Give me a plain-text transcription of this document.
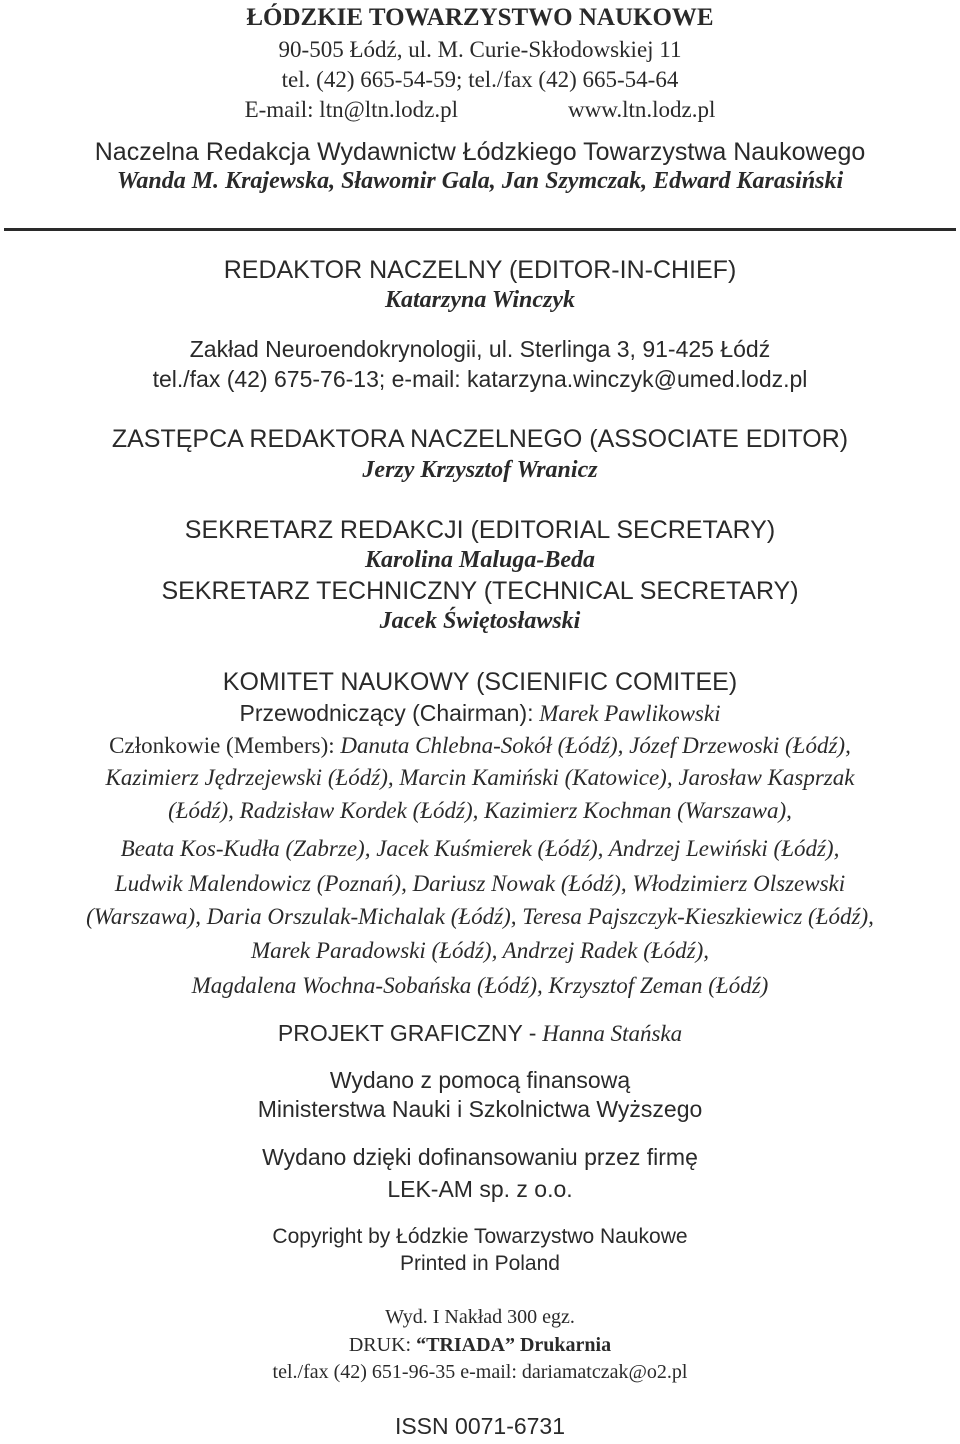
ŁÓDZKIE TOWARZYSTWO NAUKOWE
90-505 Łódź, ul. M. Curie-Skłodowskiej 11
tel. (42) 665-54-59; tel./fax (42) 665-54-64
E-mail: ltn@ltn.lodz.pl	www.ltn.lodz.pl
Naczelna Redakcja Wydawnictw Łódzkiego Towarzystwa Naukowego
Wanda M. Krajewska, Sławomir Gala, Jan Szymczak, Edward Karasiński
REDAKTOR NACZELNY (EDITOR-IN-CHIEF)
Katarzyna Winczyk
Zakład Neuroendokrynologii, ul. Sterlinga 3, 91-425 Łódź
tel./fax (42) 675-76-13; e-mail: katarzyna.winczyk@umed.lodz.pl
ZASTĘPCA REDAKTORA NACZELNEGO (ASSOCIATE EDITOR)
Jerzy Krzysztof Wranicz
SEKRETARZ REDAKCJI (EDITORIAL SECRETARY)
Karolina Maluga-Beda
SEKRETARZ TECHNICZNY (TECHNICAL SECRETARY)
Jacek Świętosławski
KOMITET NAUKOWY (SCIENIFIC COMITEE)
Przewodniczący (Chairman): Marek Pawlikowski
Członkowie (Members): Danuta Chlebna-Sokół (Łódź), Józef Drzewoski (Łódź),
Kazimierz Jędrzejewski (Łódź), Marcin Kamiński (Katowice), Jarosław Kasprzak
(Łódź), Radzisław Kordek (Łódź), Kazimierz Kochman (Warszawa),
Beata Kos-Kudła (Zabrze), Jacek Kuśmierek (Łódź), Andrzej Lewiński (Łódź),
Ludwik Malendowicz (Poznań), Dariusz Nowak (Łódź), Włodzimierz Olszewski
(Warszawa), Daria Orszulak-Michalak (Łódź), Teresa Pajszczyk-Kieszkiewicz (Łódź),
Marek Paradowski (Łódź), Andrzej Radek (Łódź),
Magdalena Wochna-Sobańska (Łódź), Krzysztof Zeman (Łódź)
PROJEKT GRAFICZNY - Hanna Stańska
Wydano z pomocą finansową
Ministerstwa Nauki i Szkolnictwa Wyższego
Wydano dzięki dofinansowaniu przez firmę
LEK-AM sp. z o.o.
Copyright by Łódzkie Towarzystwo Naukowe
Printed in Poland
Wyd. I Nakład 300 egz.
DRUK: “TRIADA” Drukarnia
tel./fax (42) 651-96-35 e-mail: dariamatczak@o2.pl
ISSN 0071-6731
